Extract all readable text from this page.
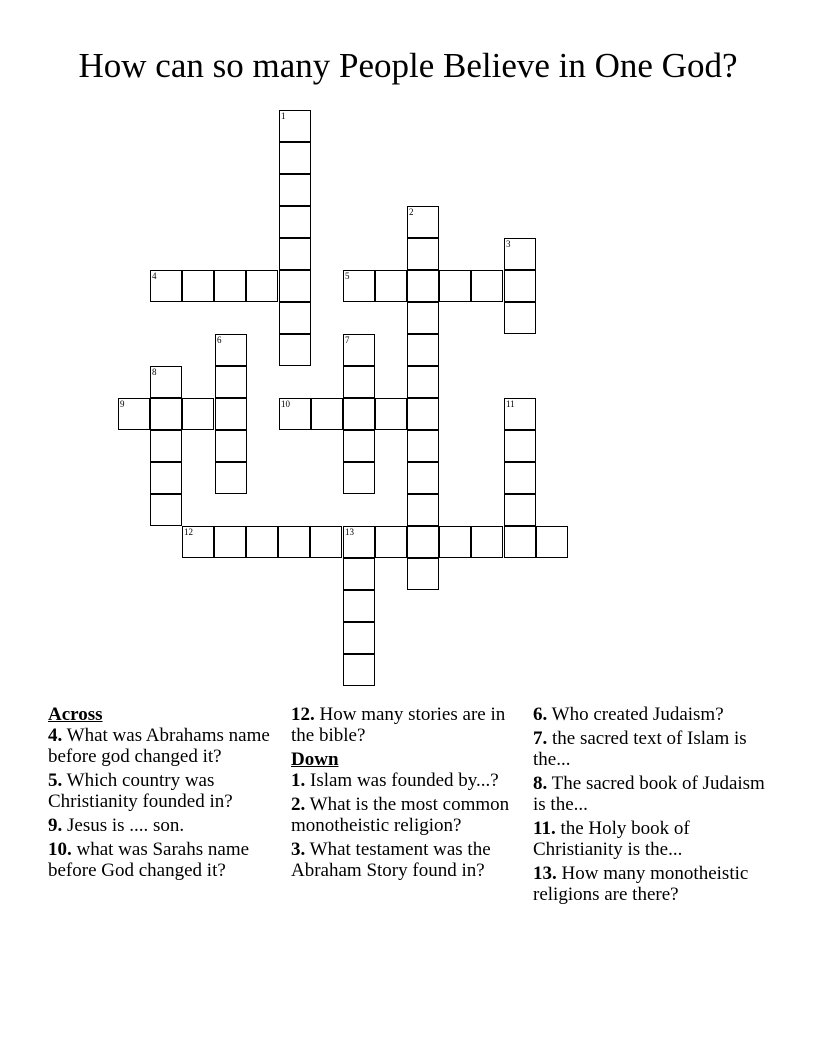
How can so many People Believe in One God?
1
2
3
4	5
6	7
8
9	10	11
12	13
Across
4. What was Abrahams name before god changed it?
5. Which country was Christianity founded in?
9. Jesus is .... son.
10. what was Sarahs name before God changed it?
12. How many stories are in the bible?
Down
1. Islam was founded by...?
2. What is the most common monotheistic religion?
3. What testament was the Abraham Story found in?
6. Who created Judaism?
7. the sacred text of Islam is the...
8. The sacred book of Judaism is the...
11. the Holy book of Christianity is the...
13. How many monotheistic religions are there?
